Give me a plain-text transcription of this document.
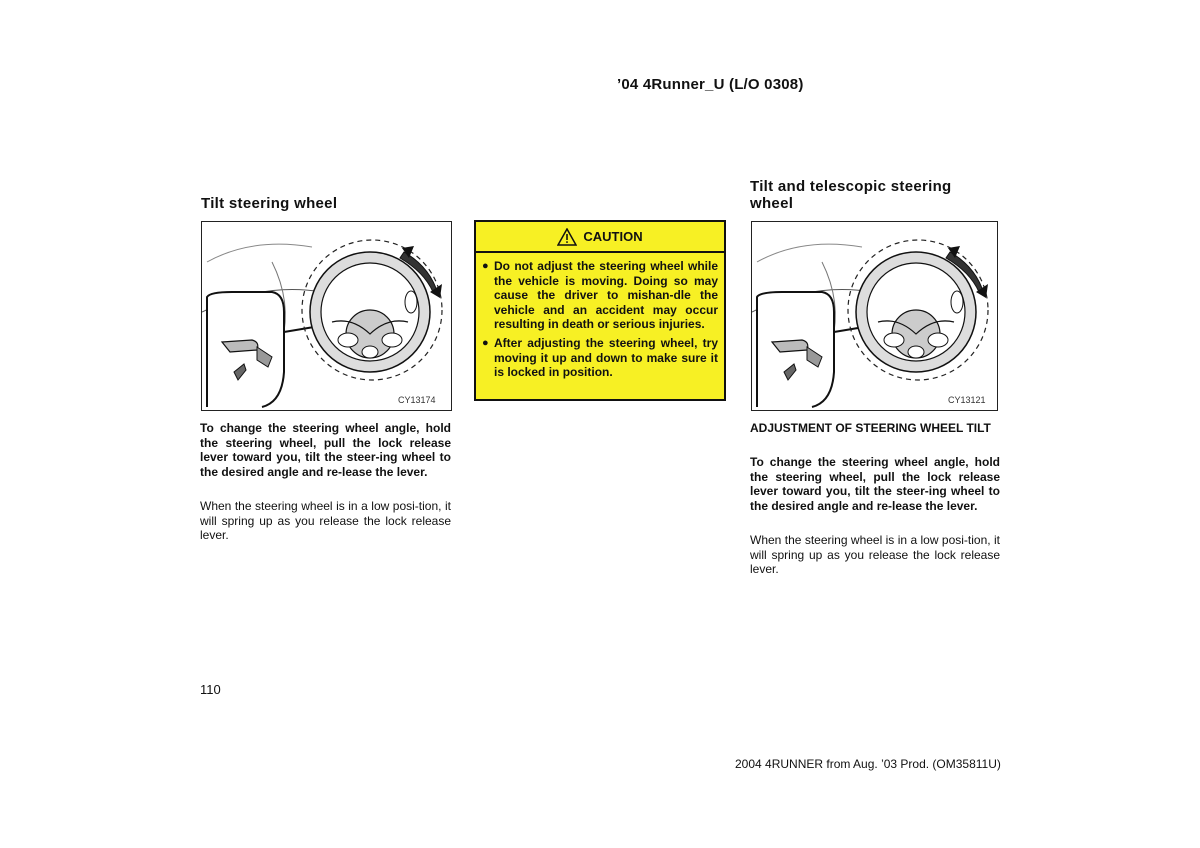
’04 4Runner_U (L/O 0308)
Tilt steering wheel
CY13174
To change the steering wheel angle, hold the steering wheel, pull the lock release lever toward you, tilt the steer-ing wheel to the desired angle and re-lease the lever.
When the steering wheel is in a low posi-tion, it will spring up as you release the lock release lever.
CAUTION
● Do not adjust the steering wheel while the vehicle is moving. Doing so may cause the driver to mishan-dle the vehicle and an accident may occur resulting in death or serious injuries.
● After adjusting the steering wheel, try moving it up and down to make sure it is locked in position.
Tilt and telescopic steering
wheel
CY13121
ADJUSTMENT OF STEERING WHEEL TILT
To change the steering wheel angle, hold the steering wheel, pull the lock release lever toward you, tilt the steer-ing wheel to the desired angle and re-lease the lever.
When the steering wheel is in a low posi-tion, it will spring up as you release the lock release lever.
110
2004 4RUNNER from Aug. ’03 Prod. (OM35811U)
